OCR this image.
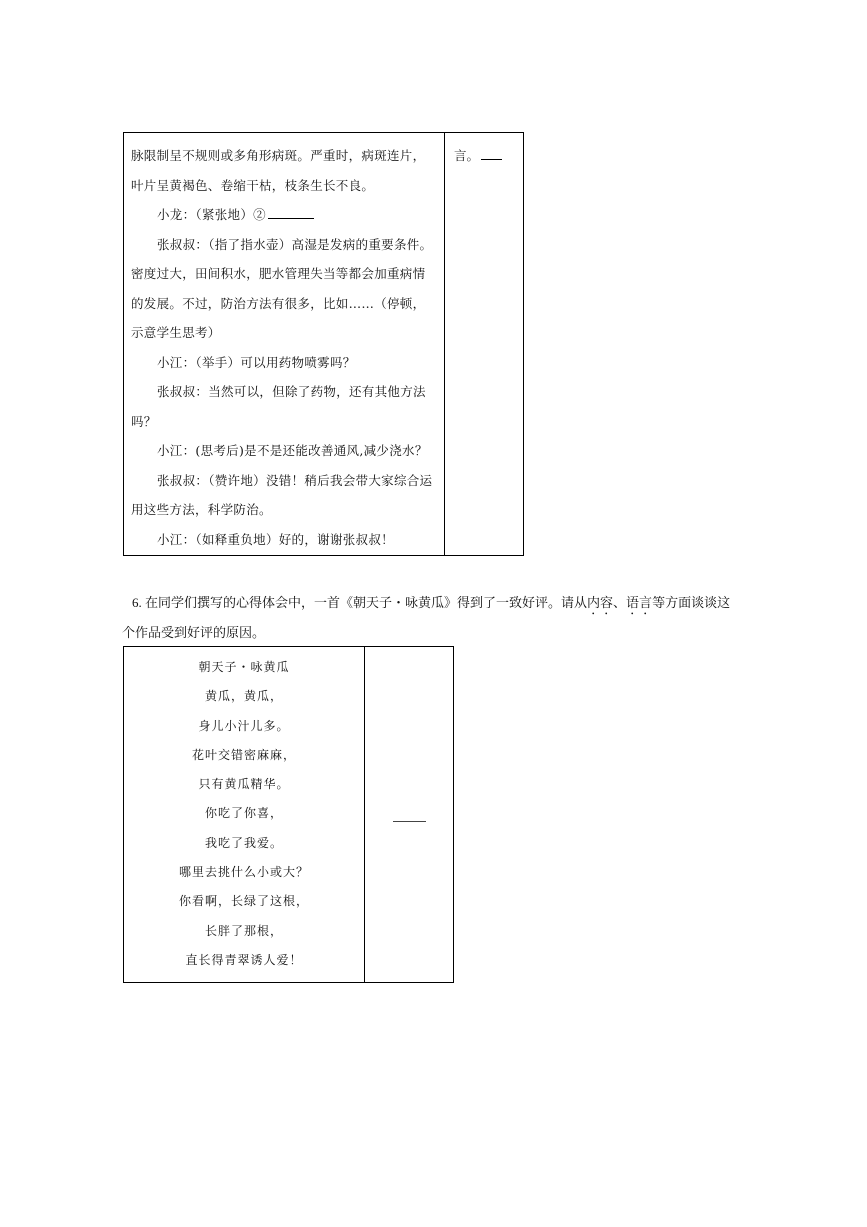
脉限制呈不规则或多角形病斑。严重时，病斑连片，
叶片呈黄褐色、卷缩干枯，枝条生长不良。
小龙：（紧张地）②
张叔叔：（指了指水壶）高湿是发病的重要条件。
密度过大，田间积水，肥水管理失当等都会加重病情
的发展。不过，防治方法有很多，比如……（停顿，
示意学生思考）
小江：（举手）可以用药物喷雾吗？
张叔叔：当然可以，但除了药物，还有其他方法
吗？
小江：(思考后)是不是还能改善通风,减少浇水？
张叔叔：（赞许地）没错！稍后我会带大家综合运
用这些方法，科学防治。
小江：（如释重负地）好的，谢谢张叔叔！
言。
6. 在同学们撰写的心得体会中，一首《朝天子・咏黄瓜》得到了一致好评。请从内容、语言等方面谈谈这
个作品受到好评的原因。
朝天子・咏黄瓜
黄瓜，黄瓜，
身儿小汁儿多。
花叶交错密麻麻，
只有黄瓜精华。
你吃了你喜，
我吃了我爱。
哪里去挑什么小或大？
你看啊，长绿了这根，
长胖了那根，
直长得青翠诱人爱！
